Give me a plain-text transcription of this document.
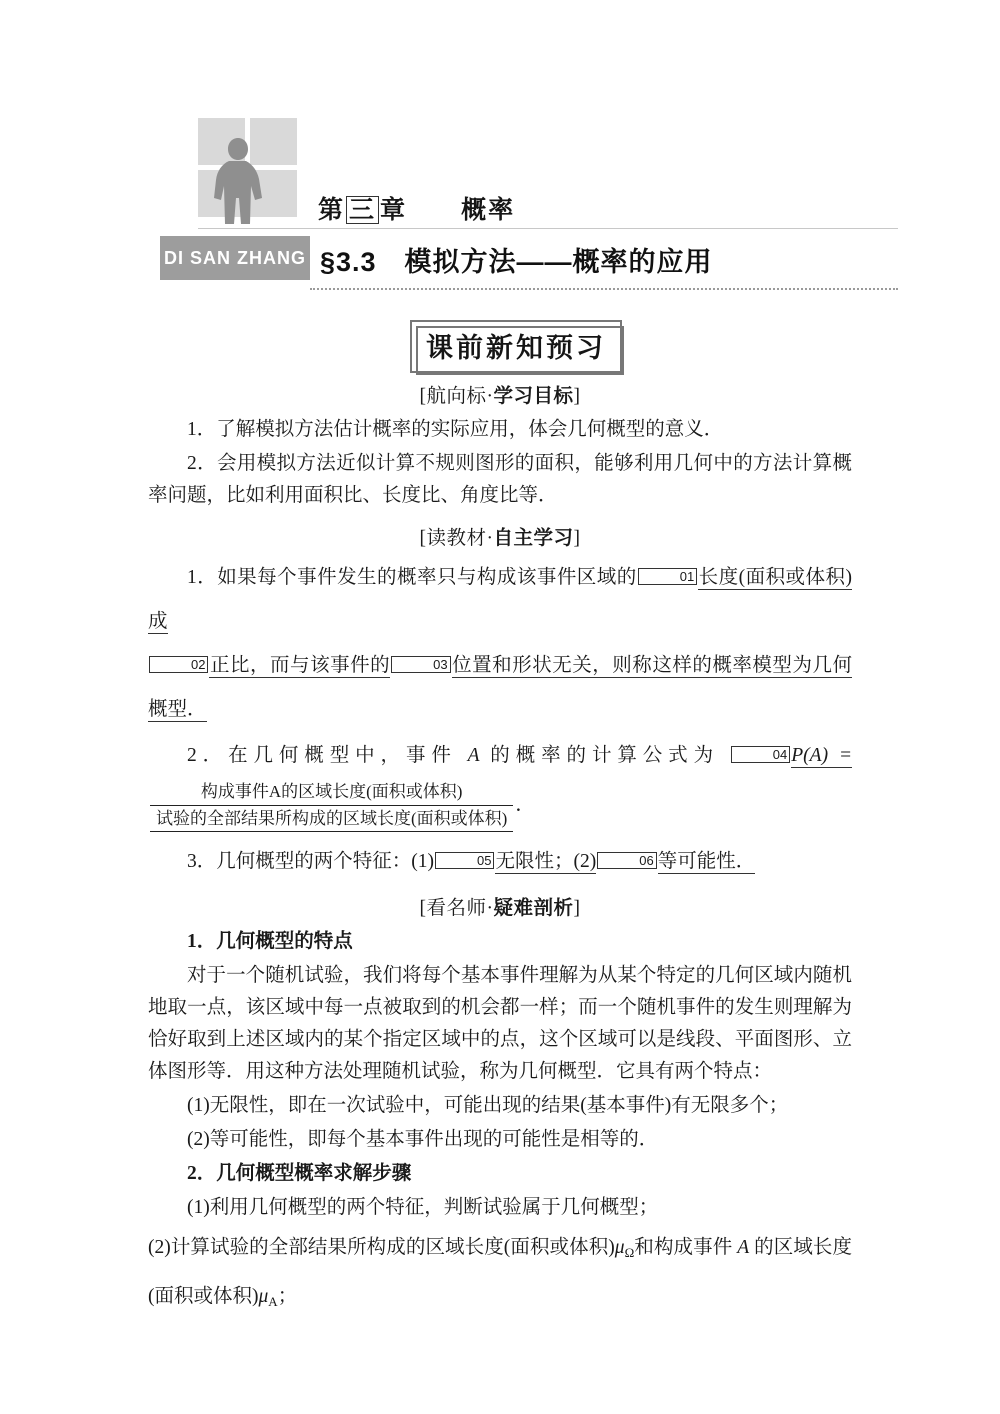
第 三 章　　 概率
DI SAN ZHANG §3.3　模拟方法——概率的应用
课前新知预习
[航向标·学习目标]

1．了解模拟方法估计概率的实际应用，体会几何概型的意义．

2．会用模拟方法近似计算不规则图形的面积，能够利用几何中的方法计算概率问题，比如利用面积比、长度比、角度比等．

[读教材·自主学习]

1．如果每个事件发生的概率只与构成该事件区域的	01 长度(面积或体积)成
02 正比，而与该事件的	03 位置和形状无关，则称这样的概率模型为几何概型．

2．在几何概型中，事件 A 的概率的计算公式为	04 P(A) =

$\frac{\text{构成事件A的区域长度(面积或体积)}}{\text{试验的全部结果所构成的区域长度(面积或体积)}}$ ．

3．几何概型的两个特征：(1)	05 无限性；(2)	06 等可能性．

[看名师·疑难剖析]

1．几何概型的特点

对于一个随机试验，我们将每个基本事件理解为从某个特定的几何区域内随机地取一点，该区域中每一点被取到的机会都一样；而一个随机事件的发生则理解为恰好取到上述区域内的某个指定区域中的点，这个区域可以是线段、平面图形、立体图形等．用这种方法处理随机试验，称为几何概型．它具有两个特点：

(1)无限性，即在一次试验中，可能出现的结果(基本事件)有无限多个；

(2)等可能性，即每个基本事件出现的可能性是相等的．

2．几何概型概率求解步骤

(1)利用几何概型的两个特征，判断试验属于几何概型；

(2)计算试验的全部结果所构成的区域长度(面积或体积)$\mu_\Omega$和构成事件 A 的区域长度(面积或体积)$\mu_A$；
